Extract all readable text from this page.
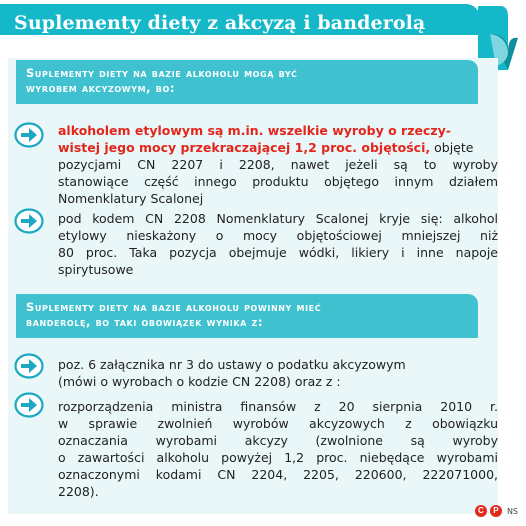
Suplementy diety z akcyzą i banderolą
Suplementy diety na bazie alkoholu mogą być
wyrobem akcyzowym, bo:
alkoholem etylowym są m.in. wszelkie wyroby o rzeczy-
wistej jego mocy przekraczającej 1,2 proc. objętości, objęte
pozycjami CN 2207 i 2208, nawet jeżeli są to wyroby
stanowiące część innego produktu objętego innym działem
Nomenklatury Scalonej
pod kodem CN 2208 Nomenklatury Scalonej kryje się: alkohol
etylowy nieskażony o mocy objętościowej mniejszej niż
80 proc. Taka pozycja obejmuje wódki, likiery i inne napoje
spirytusowe
Suplementy diety na bazie alkoholu powinny mieć
banderolę, bo taki obowiązek wynika z:
poz. 6 załącznika nr 3 do ustawy o podatku akcyzowym
(mówi o wyrobach o kodzie CN 2208) oraz z :
rozporządzenia ministra finansów z 20 sierpnia 2010 r.
w sprawie zwolnień wyrobów akcyzowych z obowiązku
oznaczania wyrobami akcyzy (zwolnione są wyroby
o zawartości alkoholu powyżej 1,2 proc. niebędące wyrobami
oznaczonymi kodami CN 2204, 2205, 220600, 222071000,
2208).
C	P	NS
